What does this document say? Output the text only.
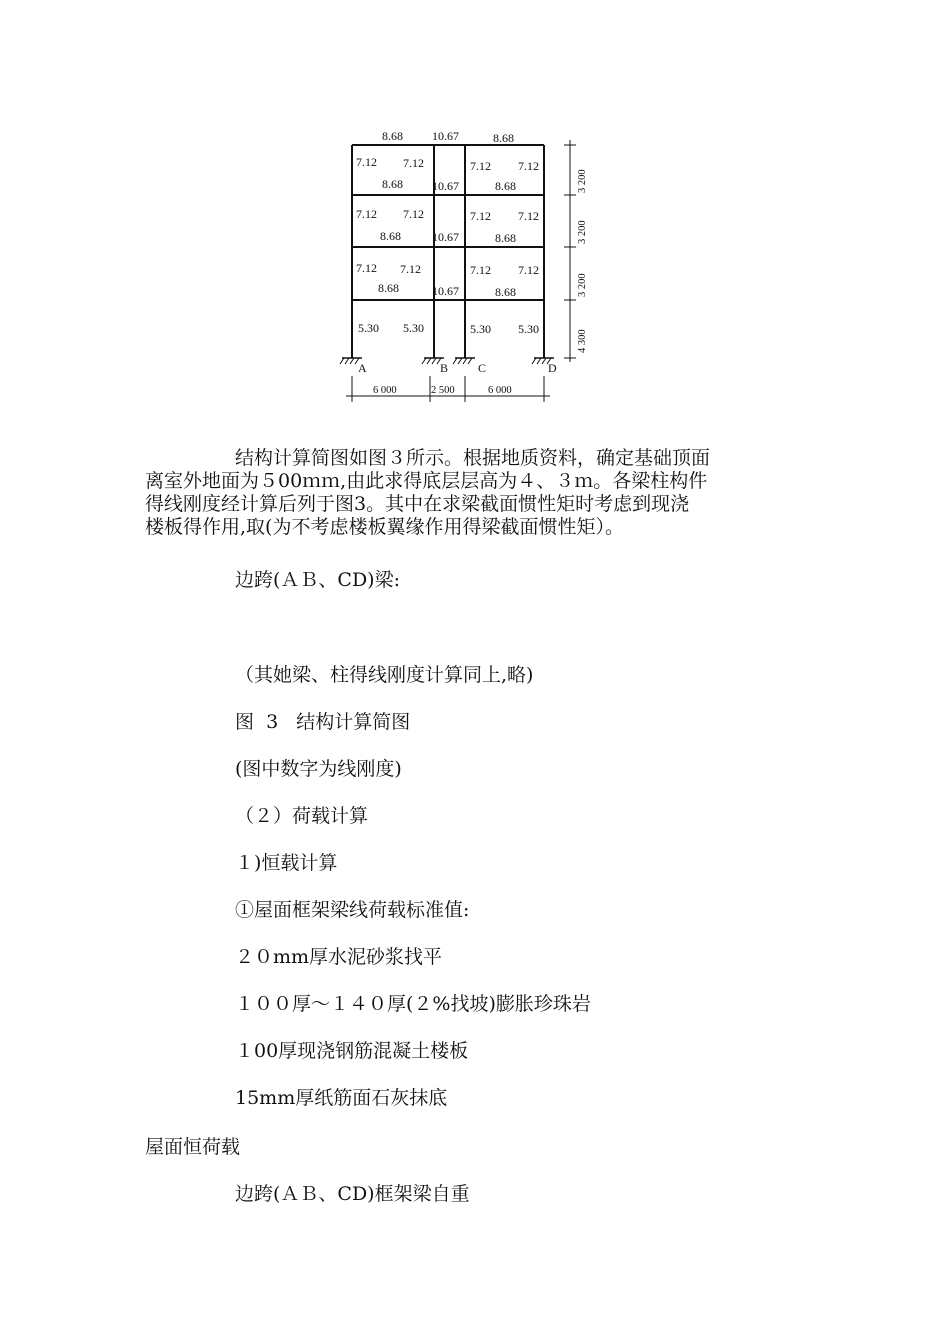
8.68 10.67	8.68
8.68 10.67	8.68
8.68	10.67	8.68
8.68	10.67	8.68
7.12 7.12	7.12 7.12
7.12 7.12	7.12 7.12
7.12 7.12	7.12 7.12
5.30 5.30	5.30 5.30
A	B C	D
6 000	2 500	6 000
3 200
3 200
3 200
4 300
结构计算简图如图３所示。根据地质资料，确定基础顶面
离室外地面为５00ｍｍ,由此求得底层层高为４、３ｍ。各梁柱构件
得线刚度经计算后列于图3。其中在求梁截面惯性矩时考虑到现浇
楼板得作用,取(为不考虑楼板翼缘作用得梁截面惯性矩）。
边跨(ＡＢ、CD)梁:
（其她梁、柱得线刚度计算同上,略)
图  3   结构计算简图
(图中数字为线刚度)
（２）荷载计算
１)恒载计算
①屋面框架梁线荷载标准值:
２０mm厚水泥砂浆找平
１００厚～１４０厚(２%找坡)膨胀珍珠岩
１00厚现浇钢筋混凝土楼板
15mm厚纸筋面石灰抹底
屋面恒荷载
边跨(ＡＢ、CD)框架梁自重
